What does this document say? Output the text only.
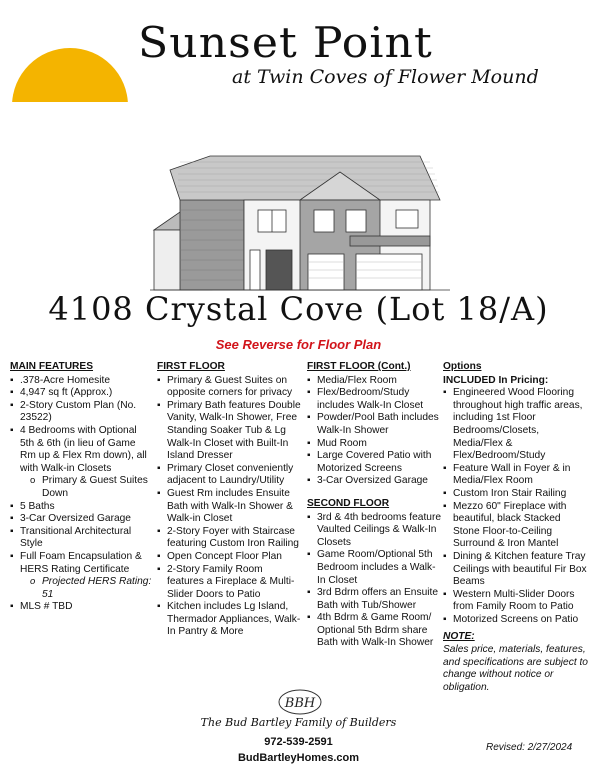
Sunset Point
at Twin Coves of Flower Mound
4108 Crystal Cove (Lot 18/A)
See Reverse for Floor Plan
MAIN FEATURES
▪ .378-Acre Homesite
▪ 4,947 sq ft (Approx.)
▪ 2-Story Custom Plan (No. 23522)
▪ 4 Bedrooms with Optional 5th & 6th (in lieu of Game Rm up & Flex Rm down), all with Walk-in Closets
o Primary & Guest Suites Down
▪ 5 Baths
▪ 3-Car Oversized Garage
▪ Transitional Architectural Style
▪ Full Foam Encapsulation & HERS Rating Certificate
o Projected HERS Rating: 51
▪ MLS # TBD
FIRST FLOOR
▪ Primary & Guest Suites on opposite corners for privacy
▪ Primary Bath features Double Vanity, Walk-In Shower, Free Standing Soaker Tub & Lg Walk-In Closet with Built-In Island Dresser
▪ Primary Closet conveniently adjacent to Laundry/Utility
▪ Guest Rm includes Ensuite Bath with Walk-In Shower & Walk-in Closet
▪ 2-Story Foyer with Staircase featuring Custom Iron Railing
▪ Open Concept Floor Plan
▪ 2-Story Family Room features a Fireplace & Multi-Slider Doors to Patio
▪ Kitchen includes Lg Island, Thermador Appliances, Walk-In Pantry & More
FIRST FLOOR (Cont.)
▪ Media/Flex Room
▪ Flex/Bedroom/Study includes Walk-In Closet
▪ Powder/Pool Bath includes Walk-In Shower
▪ Mud Room
▪ Large Covered Patio with Motorized Screens
▪ 3-Car Oversized Garage
SECOND FLOOR
▪ 3rd & 4th bedrooms feature Vaulted Ceilings & Walk-In Closets
▪ Game Room/Optional 5th Bedroom includes a Walk-In Closet
▪ 3rd Bdrm offers an Ensuite Bath with Tub/Shower
▪ 4th Bdrm & Game Room/ Optional 5th Bdrm share Bath with Walk-In Shower
Options
INCLUDED In Pricing:
▪ Engineered Wood Flooring throughout high traffic areas, including 1st Floor Bedrooms/Closets, Media/Flex & Flex/Bedroom/Study
▪ Feature Wall in Foyer & in Media/Flex Room
▪ Custom Iron Stair Railing
▪ Mezzo 60" Fireplace with beautiful, black Stacked Stone Floor-to-Ceiling Surround & Iron Mantel
▪ Dining & Kitchen feature Tray Ceilings with beautiful Fir Box Beams
▪ Western Multi-Slider Doors from Family Room to Patio
▪ Motorized Screens on Patio
NOTE:
Sales price, materials, features, and specifications are subject to change without notice or obligation.
BBH
The Bud Bartley Family of Builders
972-539-2591
BudBartleyHomes.com
Revised: 2/27/2024
